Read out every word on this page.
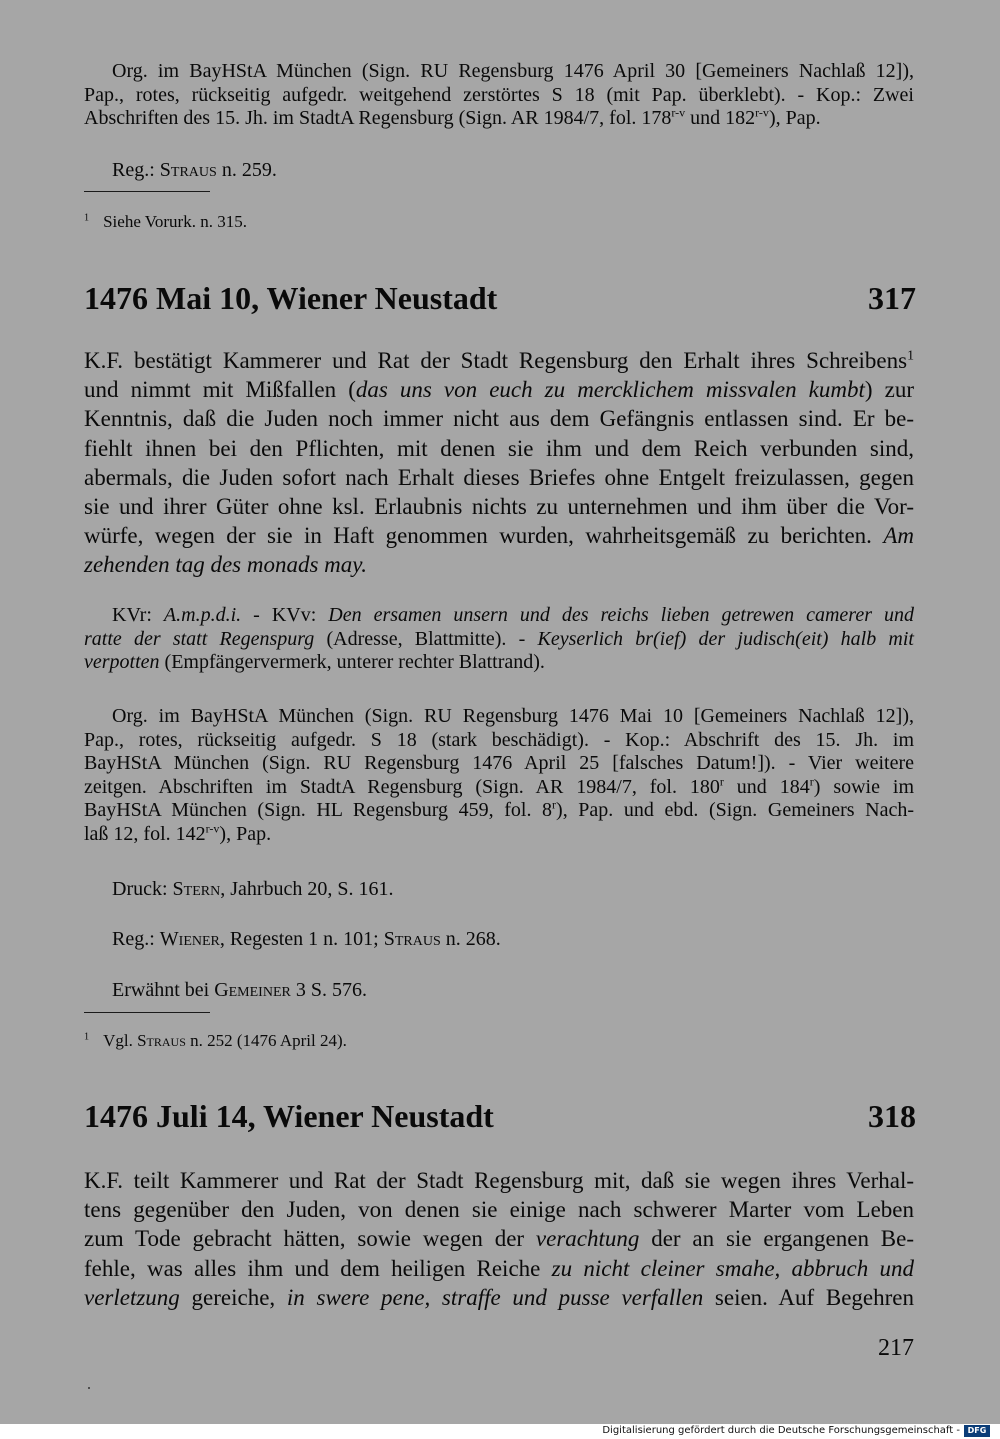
Org. im BayHStA München (Sign. RU Regensburg 1476 April 30 [Gemeiners Nachlaß 12]),
Pap., rotes, rückseitig aufgedr. weitgehend zerstörtes S 18 (mit Pap. überklebt). - Kop.: Zwei
Abschriften des 15. Jh. im StadtA Regensburg (Sign. AR 1984/7, fol. 178$^{r-v}$ und 182$^{r-v}$), Pap.
Reg.: Straus n. 259.
$^1$ Siehe Vorurk. n. 315.
1476 Mai 10, Wiener Neustadt	317
K.F. bestätigt Kammerer und Rat der Stadt Regensburg den Erhalt ihres Schreibens$^1$
und nimmt mit Mißfallen (das uns von euch zu mercklichem missvalen kumbt) zur
Kenntnis, daß die Juden noch immer nicht aus dem Gefängnis entlassen sind. Er be-
fiehlt ihnen bei den Pflichten, mit denen sie ihm und dem Reich verbunden sind,
abermals, die Juden sofort nach Erhalt dieses Briefes ohne Entgelt freizulassen, gegen
sie und ihrer Güter ohne ksl. Erlaubnis nichts zu unternehmen und ihm über die Vor-
würfe, wegen der sie in Haft genommen wurden, wahrheitsgemäß zu berichten. Am
zehenden tag des monads may.
KVr: A.m.p.d.i. - KVv: Den ersamen unsern und des reichs lieben getrewen camerer und
ratte der statt Regenspurg (Adresse, Blattmitte). - Keyserlich br(ief) der judisch(eit) halb mit
verpotten (Empfängervermerk, unterer rechter Blattrand).
Org. im BayHStA München (Sign. RU Regensburg 1476 Mai 10 [Gemeiners Nachlaß 12]),
Pap., rotes, rückseitig aufgedr. S 18 (stark beschädigt). - Kop.: Abschrift des 15. Jh. im
BayHStA München (Sign. RU Regensburg 1476 April 25 [falsches Datum!]). - Vier weitere
zeitgen. Abschriften im StadtA Regensburg (Sign. AR 1984/7, fol. 180$^r$ und 184$^r$) sowie im
BayHStA München (Sign. HL Regensburg 459, fol. 8$^r$), Pap. und ebd. (Sign. Gemeiners Nach-
laß 12, fol. 142$^{r-v}$), Pap.
Druck: Stern, Jahrbuch 20, S. 161.
Reg.: Wiener, Regesten 1 n. 101; Straus n. 268.
Erwähnt bei Gemeiner 3 S. 576.
$^1$ Vgl. Straus n. 252 (1476 April 24).
1476 Juli 14, Wiener Neustadt	318
K.F. teilt Kammerer und Rat der Stadt Regensburg mit, daß sie wegen ihres Verhal-
tens gegenüber den Juden, von denen sie einige nach schwerer Marter vom Leben
zum Tode gebracht hätten, sowie wegen der verachtung der an sie ergangenen Be-
fehle, was alles ihm und dem heiligen Reiche zu nicht cleiner smahe, abbruch und
verletzung gereiche, in swere pene, straffe und pusse verfallen seien. Auf Begehren
217
Digitalisierung gefördert durch die Deutsche Forschungsgemeinschaft - DFG
